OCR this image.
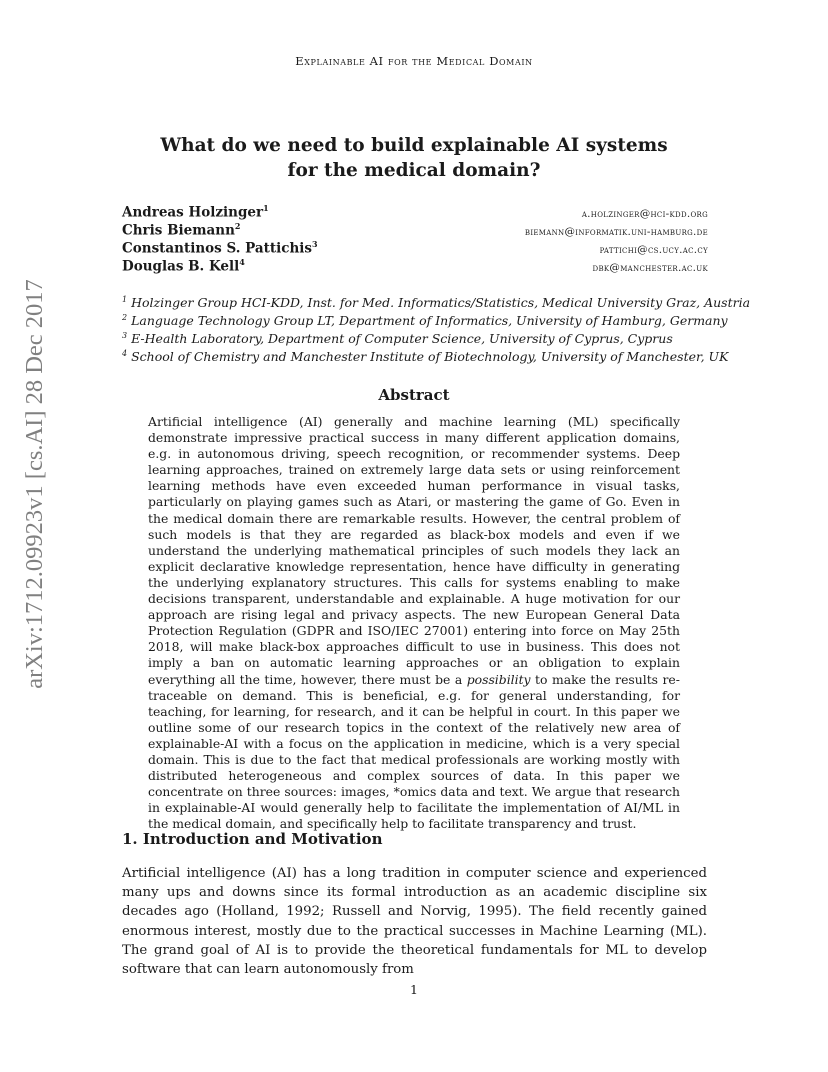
Explainable AI for the Medical Domain
arXiv:1712.09923v1 [cs.AI] 28 Dec 2017
What do we need to build explainable AI systems
for the medical domain?
Andreas Holzinger$^1$	a.holzinger@hci-kdd.org
Chris Biemann$^2$	biemann@informatik.uni-hamburg.de
Constantinos S. Pattichis$^3$	pattichi@cs.ucy.ac.cy
Douglas B. Kell$^4$	dbk@manchester.ac.uk
$^1$ Holzinger Group HCI-KDD, Inst. for Med. Informatics/Statistics, Medical University Graz, Austria
$^2$ Language Technology Group LT, Department of Informatics, University of Hamburg, Germany
$^3$ E-Health Laboratory, Department of Computer Science, University of Cyprus, Cyprus
$^4$ School of Chemistry and Manchester Institute of Biotechnology, University of Manchester, UK
Abstract

Artificial intelligence (AI) generally and machine learning (ML) specifically demonstrate impressive practical success in many different application domains, e.g. in autonomous driving, speech recognition, or recommender systems. Deep learning approaches, trained on extremely large data sets or using reinforcement learning methods have even exceeded human performance in visual tasks, particularly on playing games such as Atari, or mastering the game of Go. Even in the medical domain there are remarkable results. However, the central problem of such models is that they are regarded as black-box models and even if we understand the underlying mathematical principles of such models they lack an explicit declarative knowledge representation, hence have difficulty in generating the underlying explanatory structures. This calls for systems enabling to make decisions transparent, understandable and explainable. A huge motivation for our approach are rising legal and privacy aspects. The new European General Data Protection Regulation (GDPR and ISO/IEC 27001) entering into force on May 25th 2018, will make black-box approaches difficult to use in business. This does not imply a ban on automatic learning approaches or an obligation to explain everything all the time, however, there must be a possibility to make the results re-traceable on demand. This is beneficial, e.g. for general understanding, for teaching, for learning, for research, and it can be helpful in court. In this paper we outline some of our research topics in the context of the relatively new area of explainable-AI with a focus on the application in medicine, which is a very special domain. This is due to the fact that medical professionals are working mostly with distributed heterogeneous and complex sources of data. In this paper we concentrate on three sources: images, *omics data and text. We argue that research in explainable-AI would generally help to facilitate the implementation of AI/ML in the medical domain, and specifically help to facilitate transparency and trust.

1. Introduction and Motivation
Artificial intelligence (AI) has a long tradition in computer science and experienced many ups and downs since its formal introduction as an academic discipline six decades ago (Holland, 1992; Russell and Norvig, 1995). The field recently gained enormous interest, mostly due to the practical successes in Machine Learning (ML). The grand goal of AI is to provide the theoretical fundamentals for ML to develop software that can learn autonomously from
1
